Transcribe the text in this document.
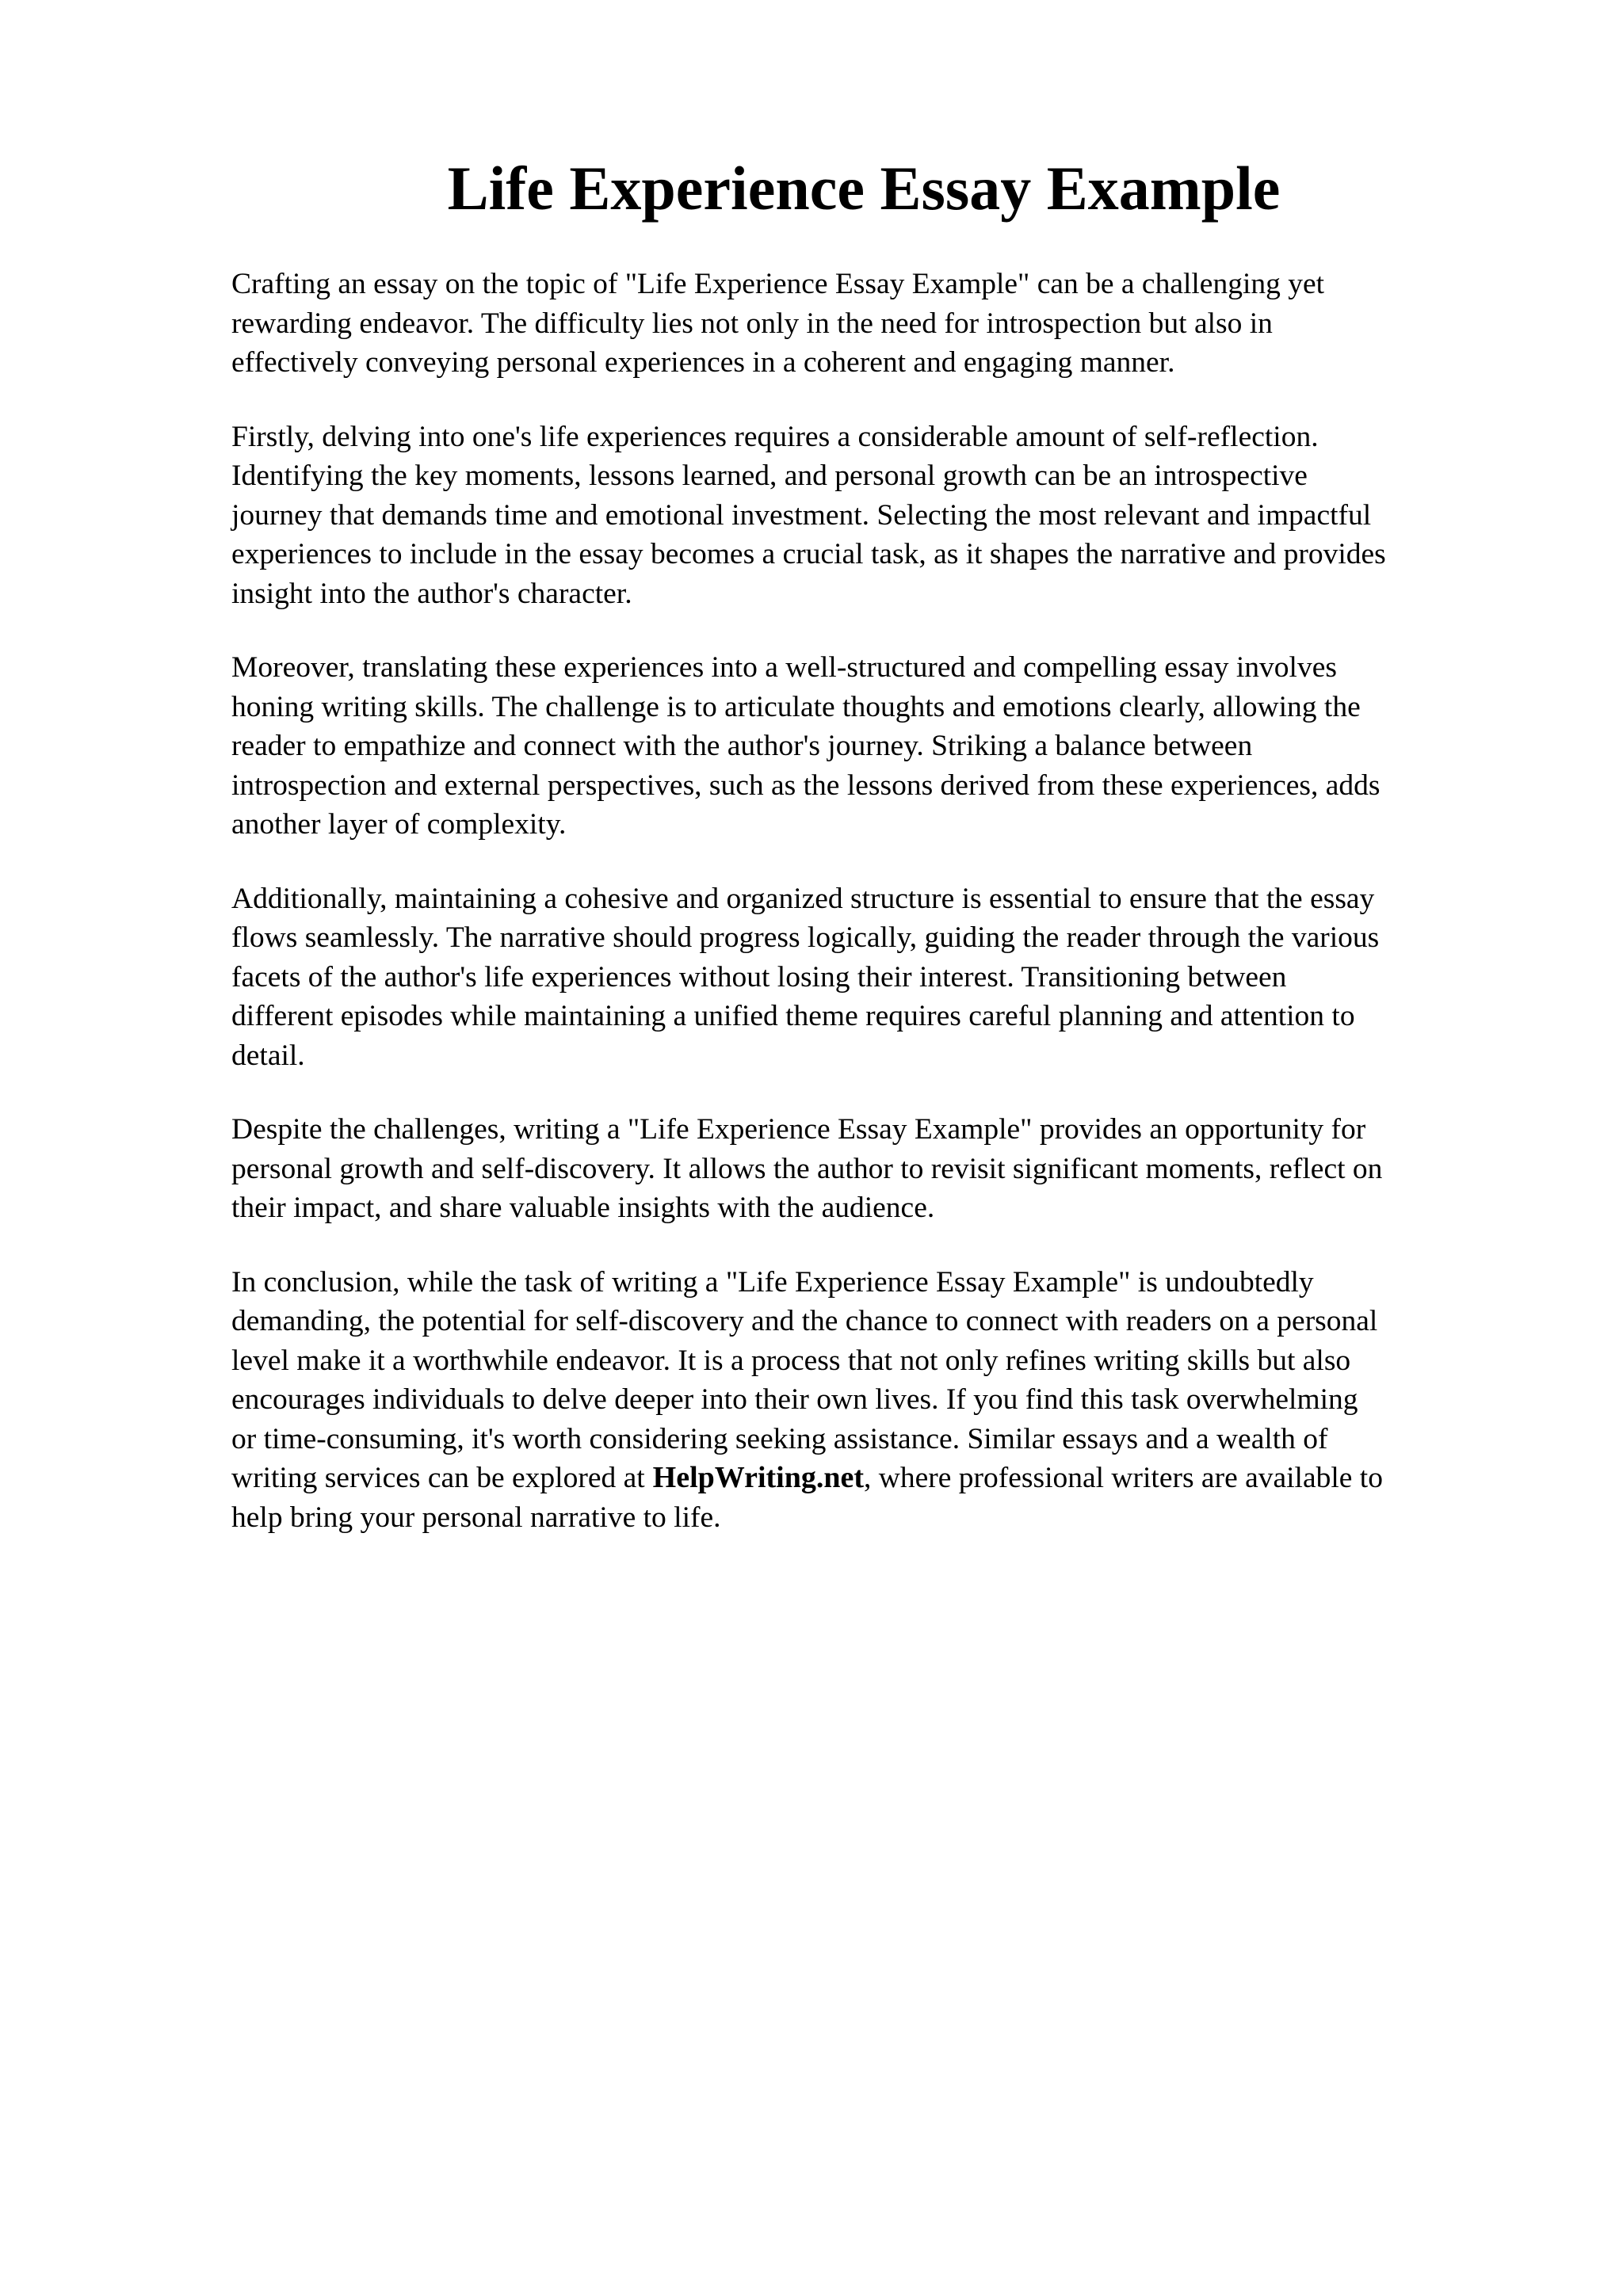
Life Experience Essay Example

Crafting an essay on the topic of "Life Experience Essay Example" can be a challenging yet
rewarding endeavor. The difficulty lies not only in the need for introspection but also in
effectively conveying personal experiences in a coherent and engaging manner.

Firstly, delving into one's life experiences requires a considerable amount of self-reflection.
Identifying the key moments, lessons learned, and personal growth can be an introspective
journey that demands time and emotional investment. Selecting the most relevant and impactful
experiences to include in the essay becomes a crucial task, as it shapes the narrative and provides
insight into the author's character.

Moreover, translating these experiences into a well-structured and compelling essay involves
honing writing skills. The challenge is to articulate thoughts and emotions clearly, allowing the
reader to empathize and connect with the author's journey. Striking a balance between
introspection and external perspectives, such as the lessons derived from these experiences, adds
another layer of complexity.

Additionally, maintaining a cohesive and organized structure is essential to ensure that the essay
flows seamlessly. The narrative should progress logically, guiding the reader through the various
facets of the author's life experiences without losing their interest. Transitioning between
different episodes while maintaining a unified theme requires careful planning and attention to
detail.

Despite the challenges, writing a "Life Experience Essay Example" provides an opportunity for
personal growth and self-discovery. It allows the author to revisit significant moments, reflect on
their impact, and share valuable insights with the audience.

In conclusion, while the task of writing a "Life Experience Essay Example" is undoubtedly
demanding, the potential for self-discovery and the chance to connect with readers on a personal
level make it a worthwhile endeavor. It is a process that not only refines writing skills but also
encourages individuals to delve deeper into their own lives. If you find this task overwhelming
or time-consuming, it's worth considering seeking assistance. Similar essays and a wealth of
writing services can be explored at HelpWriting.net, where professional writers are available to
help bring your personal narrative to life.
